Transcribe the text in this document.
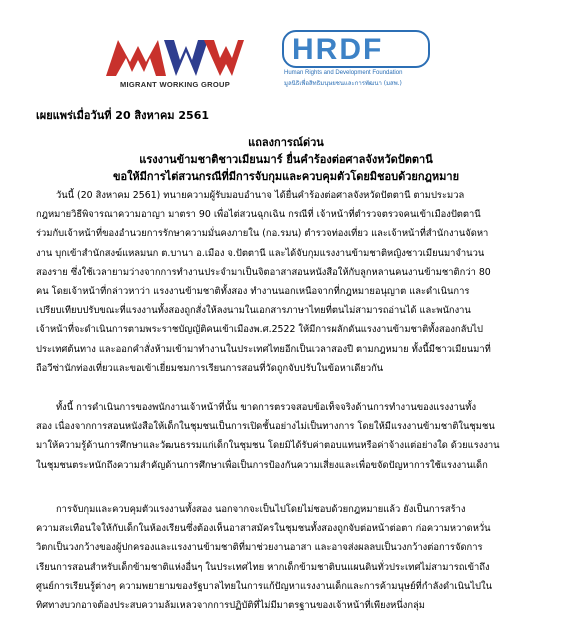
MIGRANT WORKING GROUP
HRDF
Human Rights and Development Foundation
มูลนิธิเพื่อสิทธิมนุษยชนและการพัฒนา (มสพ.)
เผยแพร่เมื่อวันที่ 20 สิงหาคม 2561
แถลงการณ์ด่วน
แรงงานข้ามชาติชาวเมียนมาร์ ยื่นคำร้องต่อศาลจังหวัดปัตตานี
ขอให้มีการไต่สวนกรณีที่มีการจับกุมและควบคุมตัวโดยมิชอบด้วยกฎหมาย
วันนี้ (20 สิงหาคม 2561) ทนายความผู้รับมอบอำนาจ ได้ยื่นคำร้องต่อศาลจังหวัดปัตตานี ตามประมวล
กฎหมายวิธีพิจารณาความอาญา มาตรา 90 เพื่อไต่สวนฉุกเฉิน กรณีที่ เจ้าหน้าที่ตำรวจตรวจคนเข้าเมืองปัตตานี
ร่วมกับเจ้าหน้าที่ของอำนวยการรักษาความมั่นคงภายใน (กอ.รมน) ตำรวจท่องเที่ยว และเจ้าหน้าที่สำนักงานจัดหา
งาน บุกเข้าสำนักสงฆ์แหลมนก ต.บานา อ.เมือง จ.ปัตตานี และได้จับกุมแรงงานข้ามชาติหญิงชาวเมียนมาจำนวน
สองราย ซึ่งใช้เวลายามว่างจากการทำงานประจำมาเป็นจิตอาสาสอนหนังสือให้กับลูกหลานคนงานข้ามชาติกว่า 80
คน โดยเจ้าหน้าที่กล่าวหาว่า แรงงานข้ามชาติทั้งสอง ทำงานนอกเหนือจากที่กฎหมายอนุญาต และดำเนินการ
เปรียบเทียบปรับขณะที่แรงงานทั้งสองถูกสั่งให้ลงนามในเอกสารภาษาไทยที่ตนไม่สามารถอ่านได้ และพนักงาน
เจ้าหน้าที่จะดำเนินการตามพระราชบัญญัติคนเข้าเมืองพ.ศ.2522 ให้มีการผลักดันแรงงานข้ามชาติทั้งสองกลับไป
ประเทศต้นทาง และออกคำสั่งห้ามเข้ามาทำงานในประเทศไทยอีกเป็นเวลาสองปี ตามกฎหมาย ทั้งนี้มีชาวเมียนมาที่
ถือวีซ่านักท่องเที่ยวและขอเข้าเยี่ยมชมการเรียนการสอนที่วัดถูกจับปรับในข้อหาเดียวกัน
ทั้งนี้ การดำเนินการของพนักงานเจ้าหน้าที่นั้น ขาดการตรวจสอบข้อเท็จจริงด้านการทำงานของแรงงานทั้ง
สอง เนื่องจากการสอนหนังสือให้เด็กในชุมชนเป็นการเปิดชั้นอย่างไม่เป็นทางการ โดยให้มีแรงงานข้ามชาติในชุมชน
มาให้ความรู้ด้านการศึกษาและวัฒนธรรมแก่เด็กในชุมชน โดยมิได้รับค่าตอบแทนหรือค่าจ้างแต่อย่างใด ด้วยแรงงาน
ในชุมชนตระหนักถึงความสำคัญด้านการศึกษาเพื่อเป็นการป้องกันความเสี่ยงและเพื่อขจัดปัญหาการใช้แรงงานเด็ก
การจับกุมและควบคุมตัวแรงงานทั้งสอง นอกจากจะเป็นไปโดยไม่ชอบด้วยกฎหมายแล้ว ยังเป็นการสร้าง
ความสะเทือนใจให้กับเด็กในห้องเรียนซึ่งต้องเห็นอาสาสมัครในชุมชนทั้งสองถูกจับต่อหน้าต่อตา ก่อความหวาดหวั่น
วิตกเป็นวงกว้างของผู้ปกครองและแรงงานข้ามชาติที่มาช่วยงานอาสา และอาจส่งผลลบเป็นวงกว้างต่อการจัดการ
เรียนการสอนสำหรับเด็กข้ามชาติแห่งอื่นๆ ในประเทศไทย หากเด็กข้ามชาติบนแผนดินทั่วประเทศไม่สามารถเข้าถึง
ศูนย์การเรียนรู้ต่างๆ ความพยายามของรัฐบาลไทยในการแก้ปัญหาแรงงานเด็กและการค้ามนุษย์ที่กำลังดำเนินไปใน
ทิศทางบวกอาจต้องประสบความล้มเหลวจากการปฏิบัติที่ไม่มีมาตรฐานของเจ้าหน้าที่เพียงหนึ่งกลุ่ม
